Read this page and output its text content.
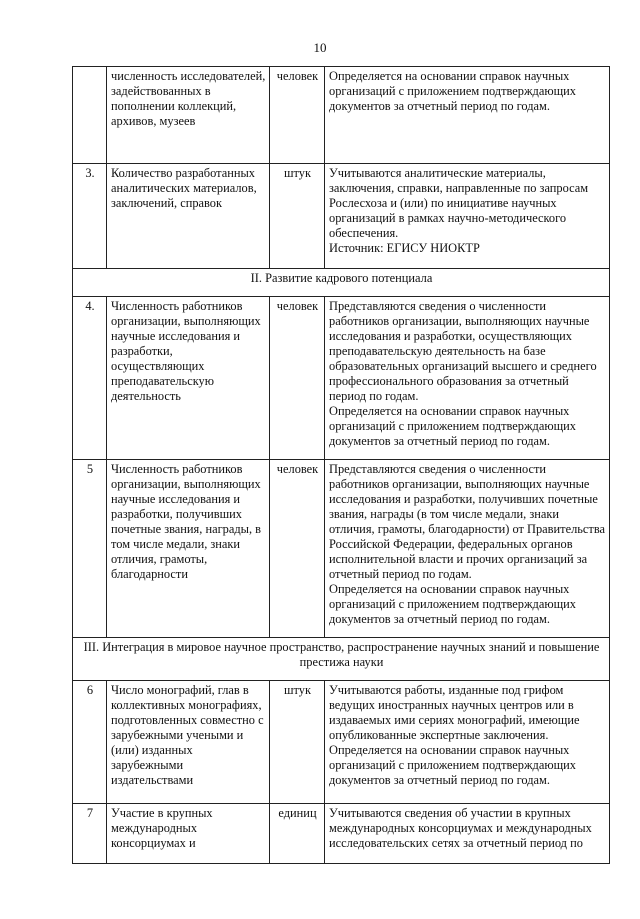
10
	численность исследователей, задействованных в пополнении коллекций, архивов, музеев	человек	Определяется на основании справок научных организаций с приложением подтверждающих документов за отчетный период по годам.
3.	Количество разработанных аналитических материалов, заключений, справок	штук	Учитываются аналитические материалы, заключения, справки, направленные по запросам Рослесхоза и (или) по инициативе научных организаций в рамках научно-методического обеспечения.
Источник: ЕГИСУ НИОКТР

II. Развитие кадрового потенциала			
4.	Численность работников организации, выполняющих научные исследования и разработки, осуществляющих преподавательскую деятельность	человек	Представляются сведения о численности работников организации, выполняющих научные исследования и разработки, осуществляющих преподавательскую деятельность на базе образовательных организаций высшего и среднего профессионального образования за отчетный период по годам.
Определяется на основании справок научных организаций с приложением подтверждающих документов за отчетный период по годам.

5	Численность работников организации, выполняющих научные исследования и разработки, получивших почетные звания, награды, в том числе медали, знаки отличия, грамоты, благодарности	человек	Представляются сведения о численности работников организации, выполняющих научные исследования и разработки, получивших почетные звания, награды (в том числе медали, знаки отличия, грамоты, благодарности) от Правительства Российской Федерации, федеральных органов исполнительной власти и прочих организаций за отчетный период по годам.
Определяется на основании справок научных организаций с приложением подтверждающих документов за отчетный период по годам.

III. Интеграция в мировое научное пространство, распространение научных знаний и повышение престижа науки			
6	Число монографий, глав в коллективных монографиях, подготовленных совместно с зарубежными учеными и (или) изданных зарубежными издательствами	штук	Учитываются работы, изданные под грифом ведущих иностранных научных центров или в издаваемых ими сериях монографий, имеющие опубликованные экспертные заключения.
Определяется на основании справок научных организаций с приложением подтверждающих документов за отчетный период по годам.

7	Участие в крупных международных консорциумах и	единиц	Учитываются сведения об участии в крупных международных консорциумах и международных исследовательских сетях за отчетный период по
